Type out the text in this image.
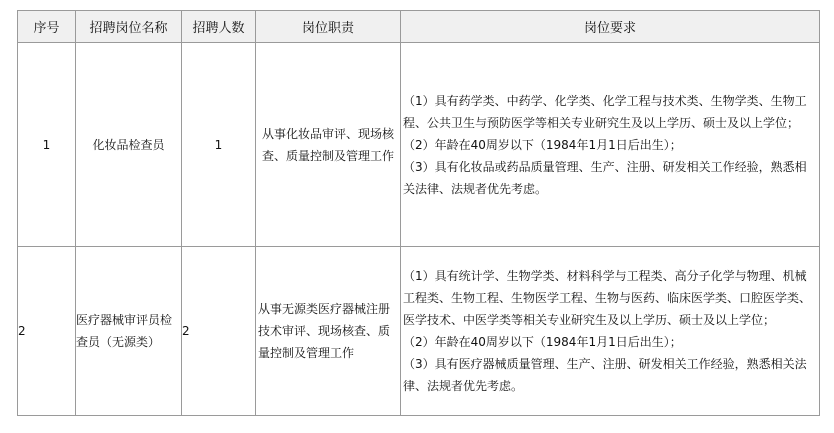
序号	招聘岗位名称	招聘人数	岗位职责	岗位要求
1	化妆品检查员	1	从事化妆品审评、现场核查、质量控制及管理工作	（1）具有药学类、中药学、化学类、化学工程与技术类、生物学类、生物工程、公共卫生与预防医学等相关专业研究生及以上学历、硕士及以上学位；
（2）年龄在40周岁以下（1984年1月1日后出生）；
（3）具有化妆品或药品质量管理、生产、注册、研发相关工作经验，熟悉相关法律、法规者优先考虑。

2	医疗器械审评员检查员（无源类）	2	从事无源类医疗器械注册技术审评、现场核查、质量控制及管理工作	（1）具有统计学、生物学类、材料科学与工程类、高分子化学与物理、机械工程类、生物工程、生物医学工程、生物与医药、临床医学类、口腔医学类、医学技术、中医学类等相关专业研究生及以上学历、硕士及以上学位；
（2）年龄在40周岁以下（1984年1月1日后出生）；
（3）具有医疗器械质量管理、生产、注册、研发相关工作经验，熟悉相关法律、法规者优先考虑。
